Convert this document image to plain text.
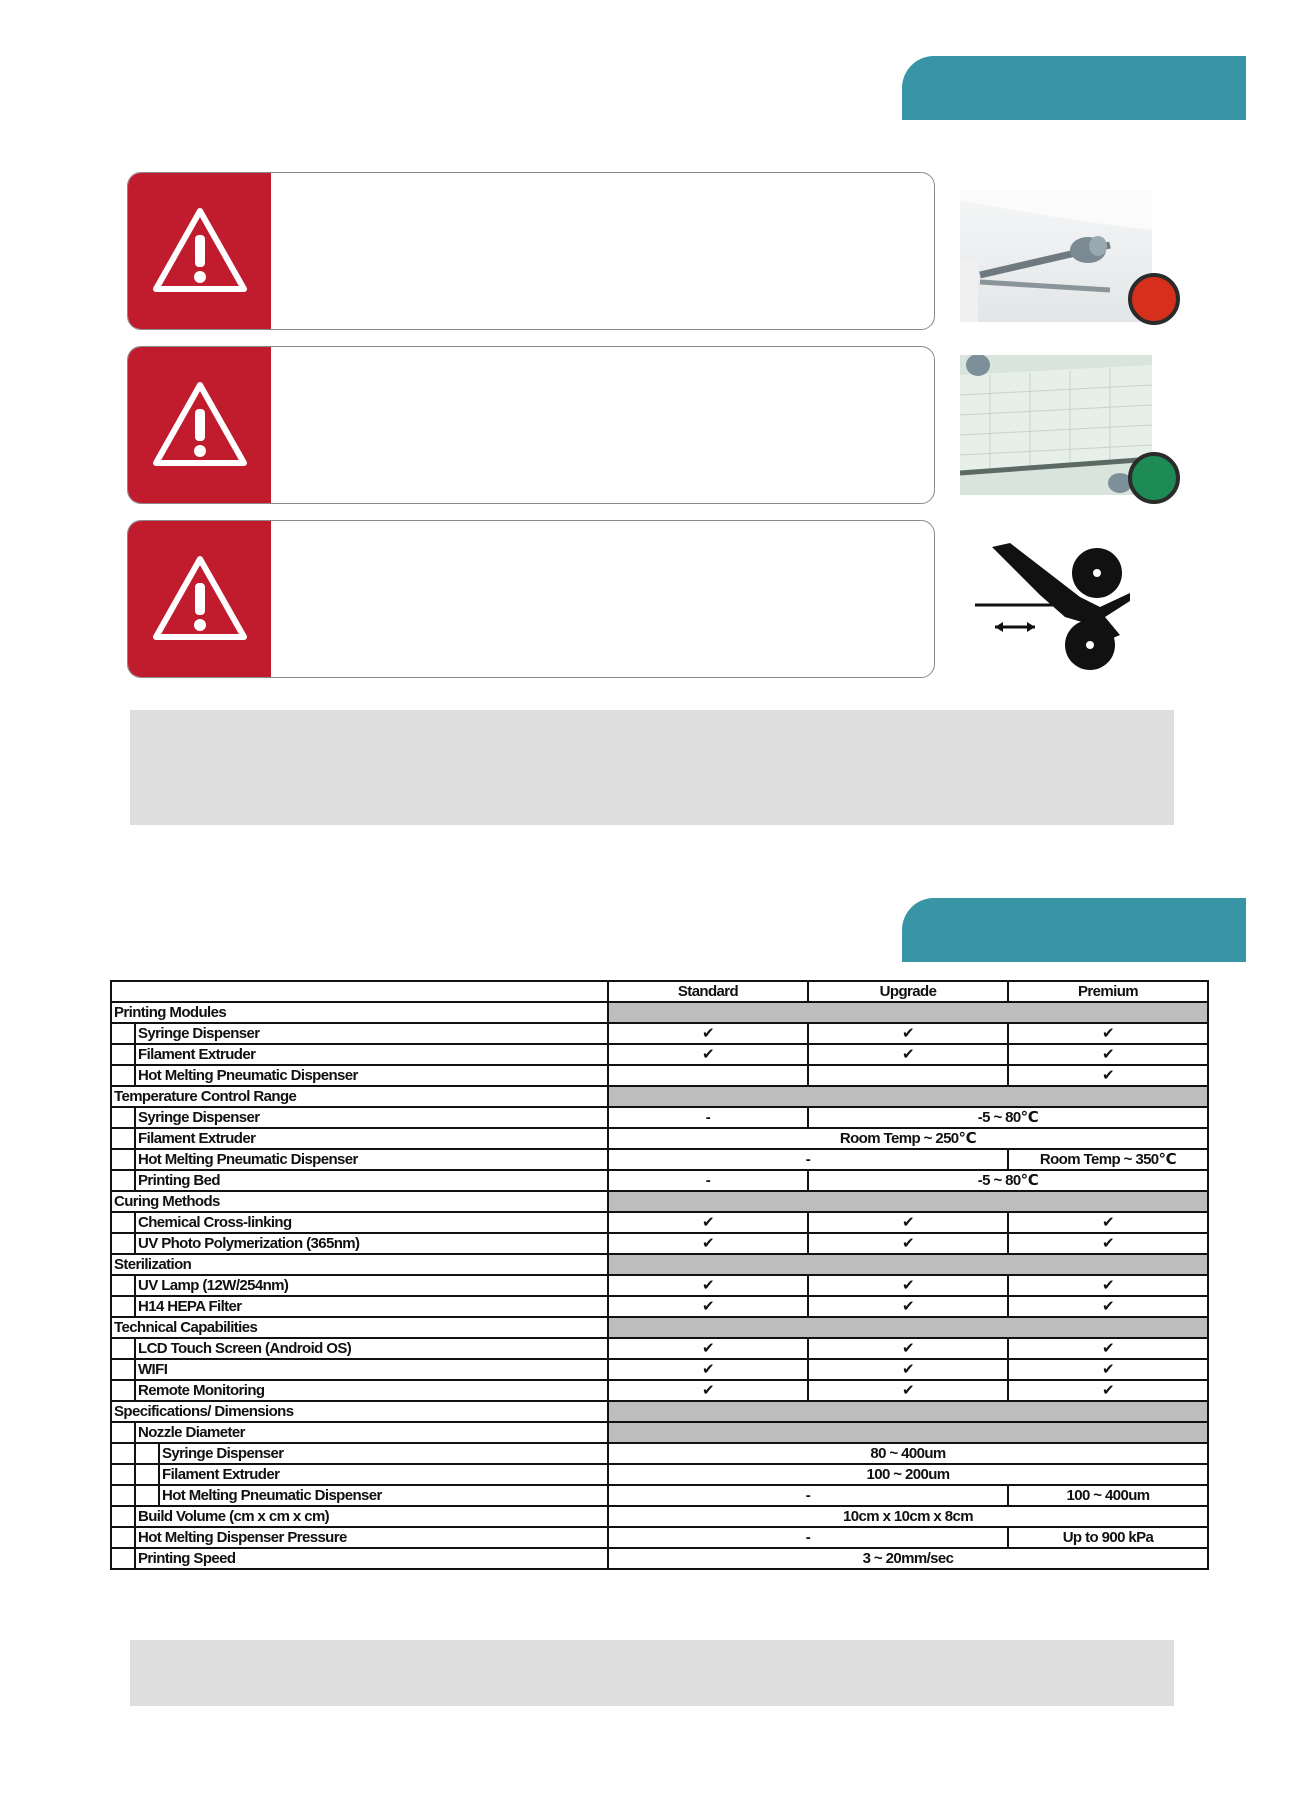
	Standard	Upgrade	Premium

Printing Modules			

Syringe Dispenser	✔	✔	✔

Filament Extruder	✔	✔	✔

Hot Melting Pneumatic Dispenser			✔

Temperature Control Range			

Syringe Dispenser	-	-5 ~ 80℃	

Filament Extruder	Room Temp ~ 250℃		

Hot Melting Pneumatic Dispenser	-		Room Temp ~ 350℃

Printing Bed	-	-5 ~ 80℃	

Curing Methods			

Chemical Cross-linking	✔	✔	✔

UV Photo Polymerization (365nm)	✔	✔	✔

Sterilization			

UV Lamp (12W/254nm)	✔	✔	✔

H14 HEPA Filter	✔	✔	✔

Technical Capabilities			

LCD Touch Screen (Android OS)	✔	✔	✔

WIFI	✔	✔	✔

Remote Monitoring	✔	✔	✔

Specifications/ Dimensions			

Nozzle Diameter			

Syringe Dispenser	80 ~ 400um		

Filament Extruder	100 ~ 200um		

Hot Melting Pneumatic Dispenser	-		100 ~ 400um

Build Volume (cm x cm x cm)	10cm x 10cm x 8cm		

Hot Melting Dispenser Pressure	-		Up to 900 kPa

Printing Speed	3 ~ 20mm/sec		
